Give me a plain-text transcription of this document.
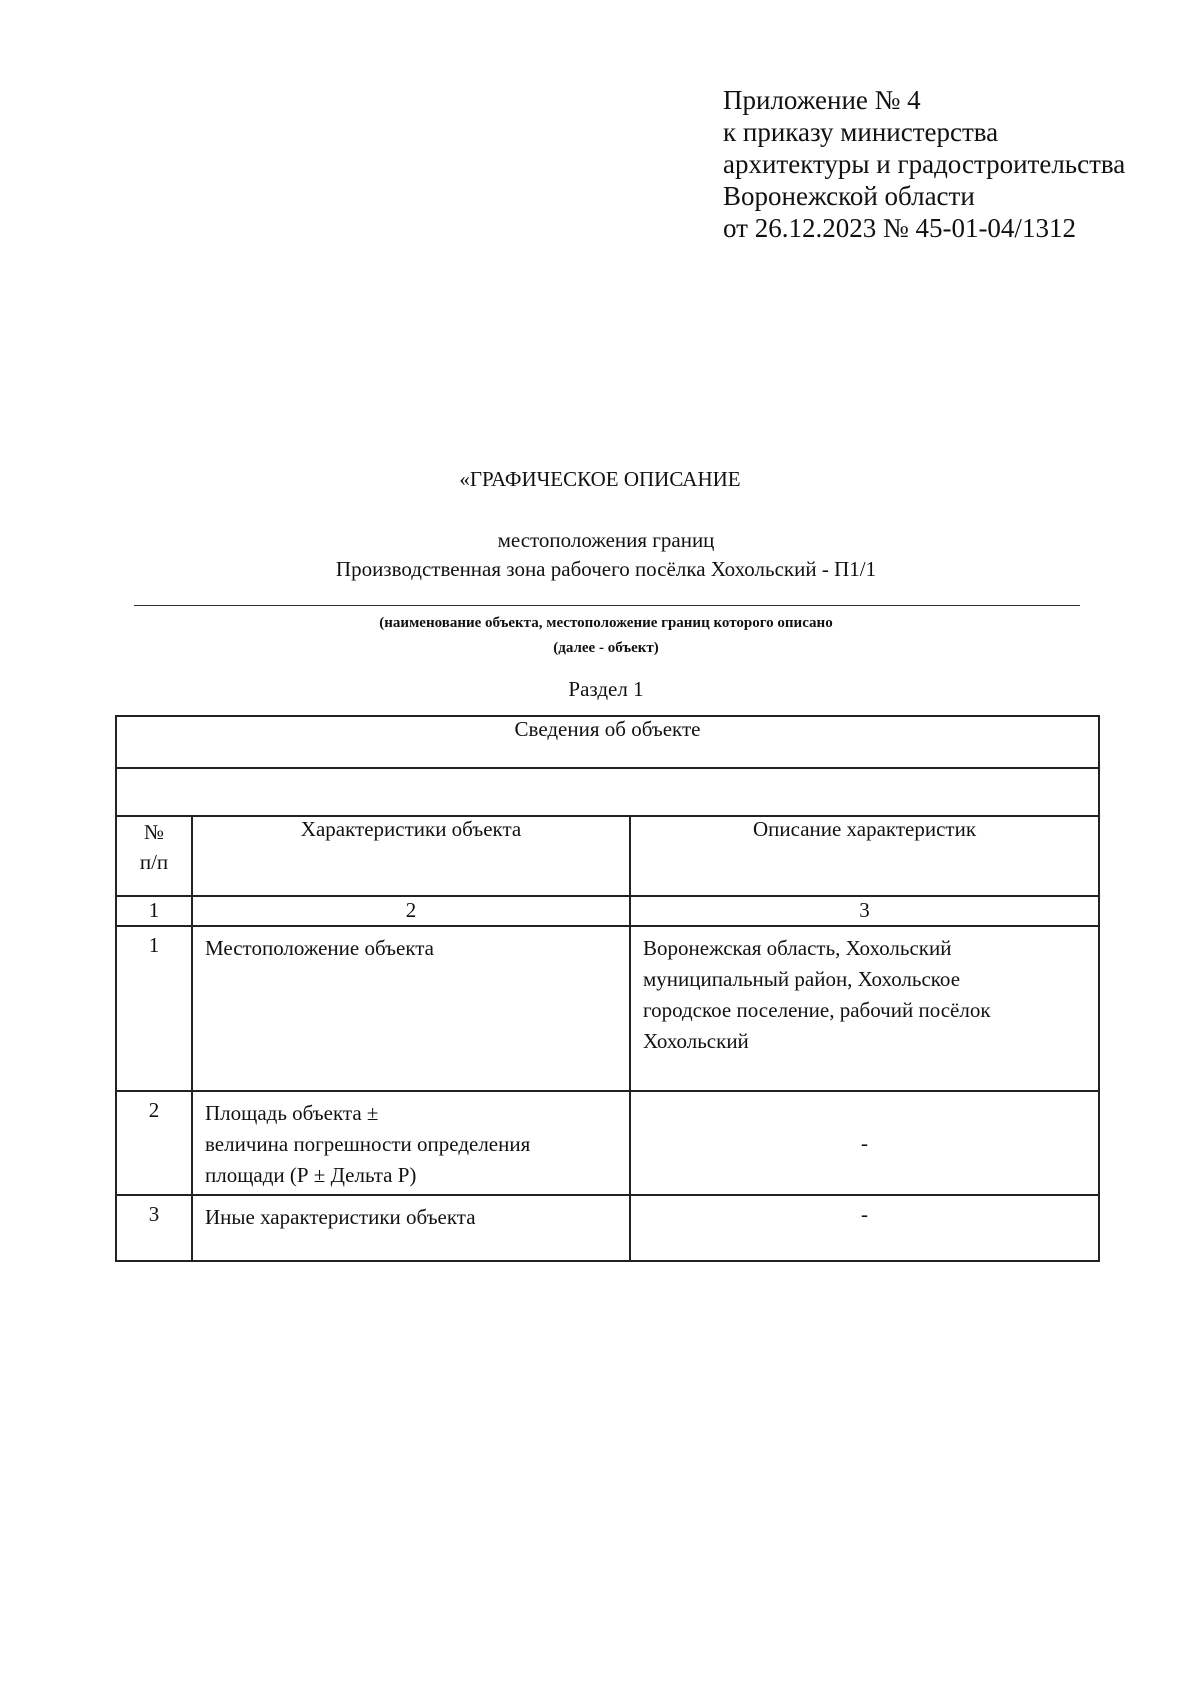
Приложение № 4
к приказу министерства
архитектуры и градостроительства
Воронежской области
от 26.12.2023 № 45-01-04/1312
«ГРАФИЧЕСКОЕ ОПИСАНИЕ
местоположения границ
Производственная зона рабочего посёлка Хохольский - П1/1
(наименование объекта, местоположение границ которого описано
(далее - объект)
Раздел 1
Сведения об объекте		

№
п/п	Характеристики объекта	Описание характеристик
1	2	3
1	Местоположение объекта	Воронежская область, Хохольский
муниципальный район, Хохольское
городское поселение, рабочий посёлок
Хохольский

2	Площадь объекта ±
величина погрешности определения
площади (Р ± Дельта Р)	-
3	Иные характеристики объекта	-
